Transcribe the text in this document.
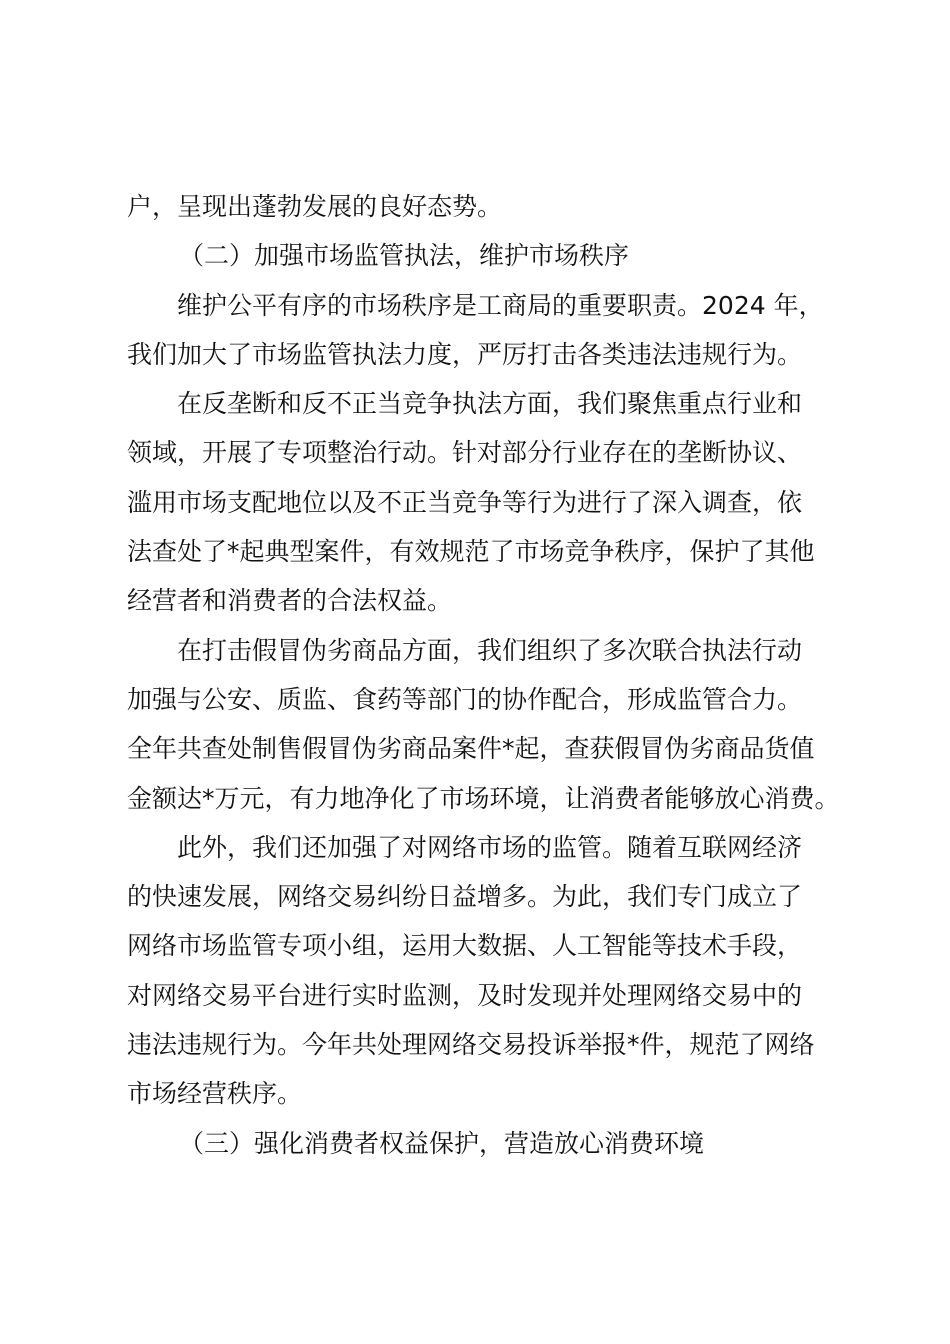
户，呈现出蓬勃发展的良好态势。
（二）加强市场监管执法，维护市场秩序
维护公平有序的市场秩序是工商局的重要职责。2024 年，
我们加大了市场监管执法力度，严厉打击各类违法违规行为。
在反垄断和反不正当竞争执法方面，我们聚焦重点行业和
领域，开展了专项整治行动。针对部分行业存在的垄断协议、
滥用市场支配地位以及不正当竞争等行为进行了深入调查，依
法查处了*起典型案件，有效规范了市场竞争秩序，保护了其他
经营者和消费者的合法权益。
在打击假冒伪劣商品方面，我们组织了多次联合执法行动
加强与公安、质监、食药等部门的协作配合，形成监管合力。
全年共查处制售假冒伪劣商品案件*起，查获假冒伪劣商品货值
金额达*万元，有力地净化了市场环境，让消费者能够放心消费。
此外，我们还加强了对网络市场的监管。随着互联网经济
的快速发展，网络交易纠纷日益增多。为此，我们专门成立了
网络市场监管专项小组，运用大数据、人工智能等技术手段，
对网络交易平台进行实时监测，及时发现并处理网络交易中的
违法违规行为。今年共处理网络交易投诉举报*件，规范了网络
市场经营秩序。
（三）强化消费者权益保护，营造放心消费环境
